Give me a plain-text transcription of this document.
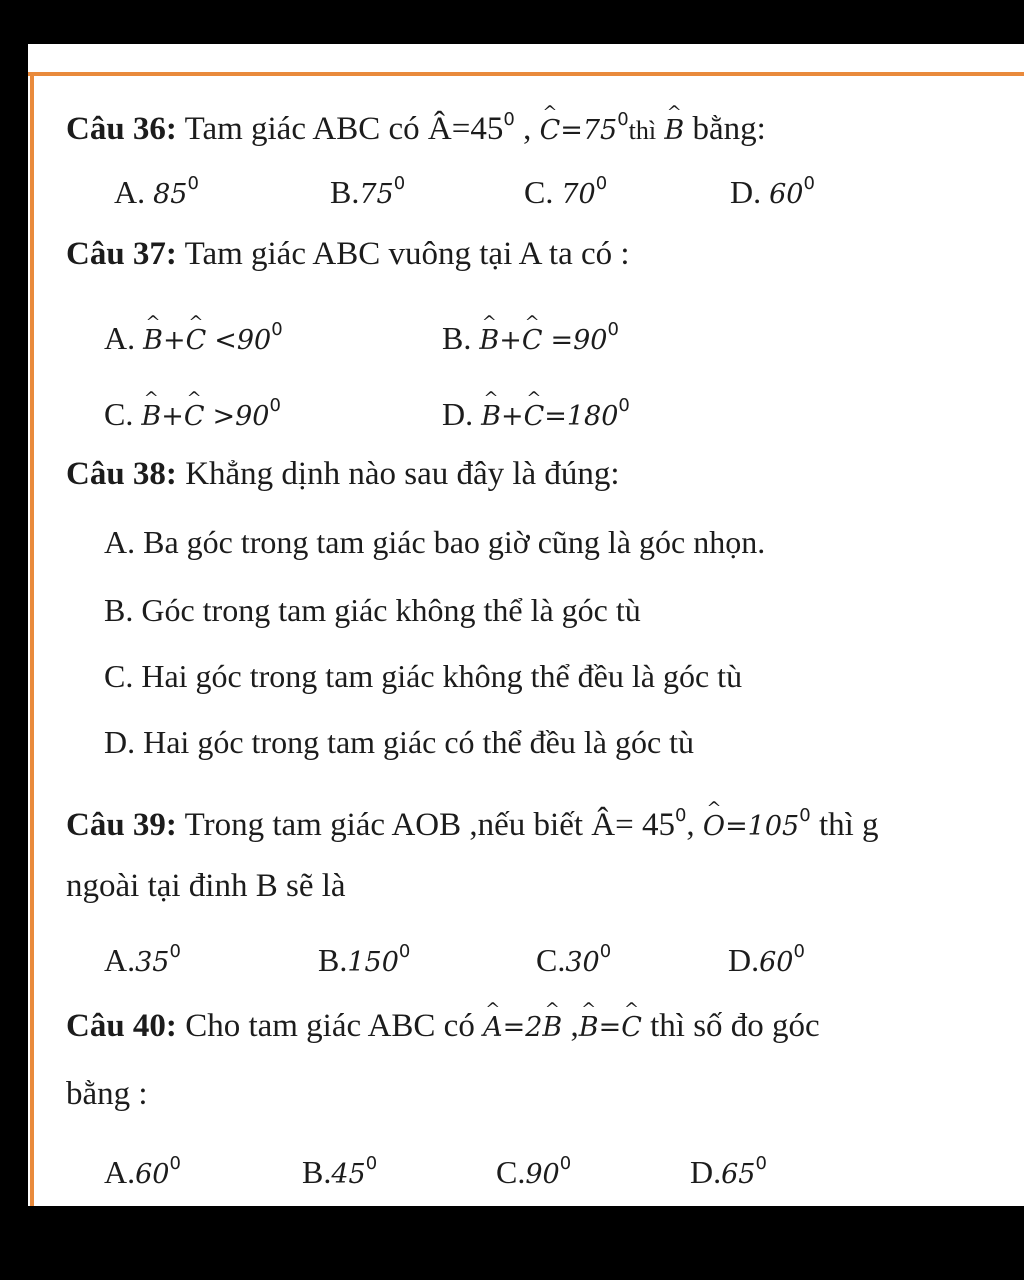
Câu 36: Tam giác ABC có $Â=45^0$ , ^ $C=75^0thì$ ^ B bằng:
A. $85^0$	$B.75^0$	C. $70^0$	D. $60^0$
Câu 37: Tam giác ABC vuông tại A ta có :
A. ^ B+^ $C <90^0$	B. ^ B+^ $C =90^0$
C. ^ B+^ $C >90^0$	D. ^ B+^ $C=180^0$
Câu 38: Khẳng dịnh nào sau đây là đúng:
A. Ba góc trong tam giác bao giờ cũng là góc nhọn.
B. Góc trong tam giác không thể là góc tù
C. Hai góc trong tam giác không thể đều là góc tù
D. Hai góc trong tam giác có thể đều là góc tù
Câu 39: Trong tam giác AOB ,nếu biết Â= $45^0$, ^ $O=105^0$ thì g
ngoài tại đinh B sẽ là
$A.35^0$	B.150$^0$	$C.30^0$	$D.60^0$
Câu 40: Cho tam giác ABC có ^ A=2^ B ,^ B=^ C thì số đo góc
bằng :
$A.60^0$	$B.45^0$	$C.90^0$	$D.65^0$
